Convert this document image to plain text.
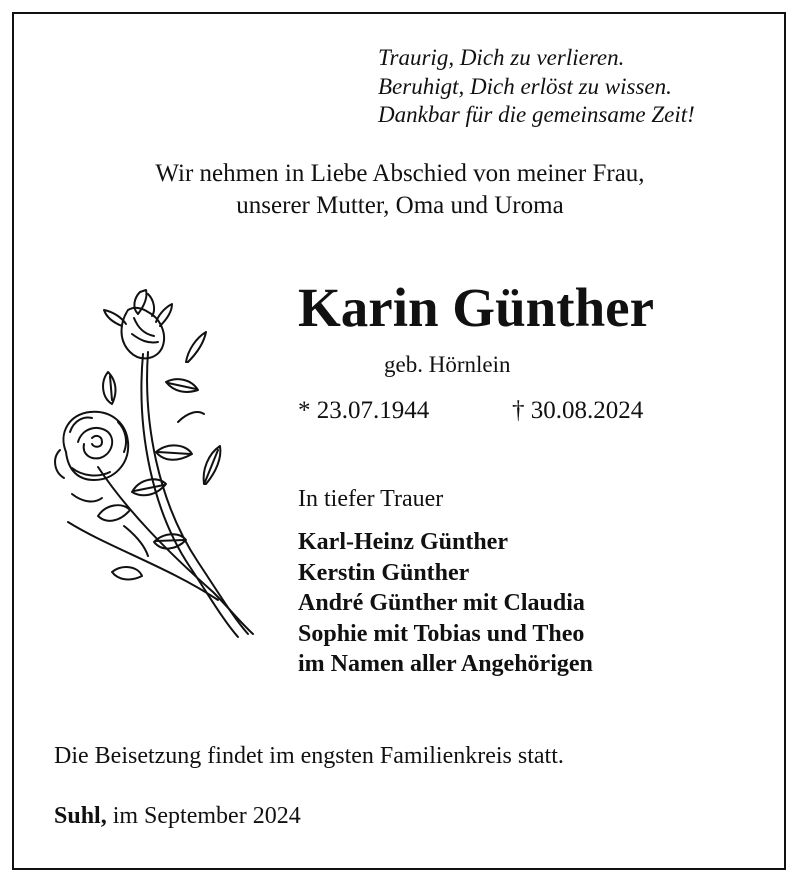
Traurig, Dich zu verlieren.
Beruhigt, Dich erlöst zu wissen.
Dankbar für die gemeinsame Zeit!
Wir nehmen in Liebe Abschied von meiner Frau,
unserer Mutter, Oma und Uroma
Karin Günther
geb. Hörnlein
* 23.07.1944	† 30.08.2024
In tiefer Trauer
Karl-Heinz Günther
Kerstin Günther
André Günther mit Claudia
Sophie mit Tobias und Theo
im Namen aller Angehörigen
Die Beisetzung findet im engsten Familienkreis statt.
Suhl, im September 2024
